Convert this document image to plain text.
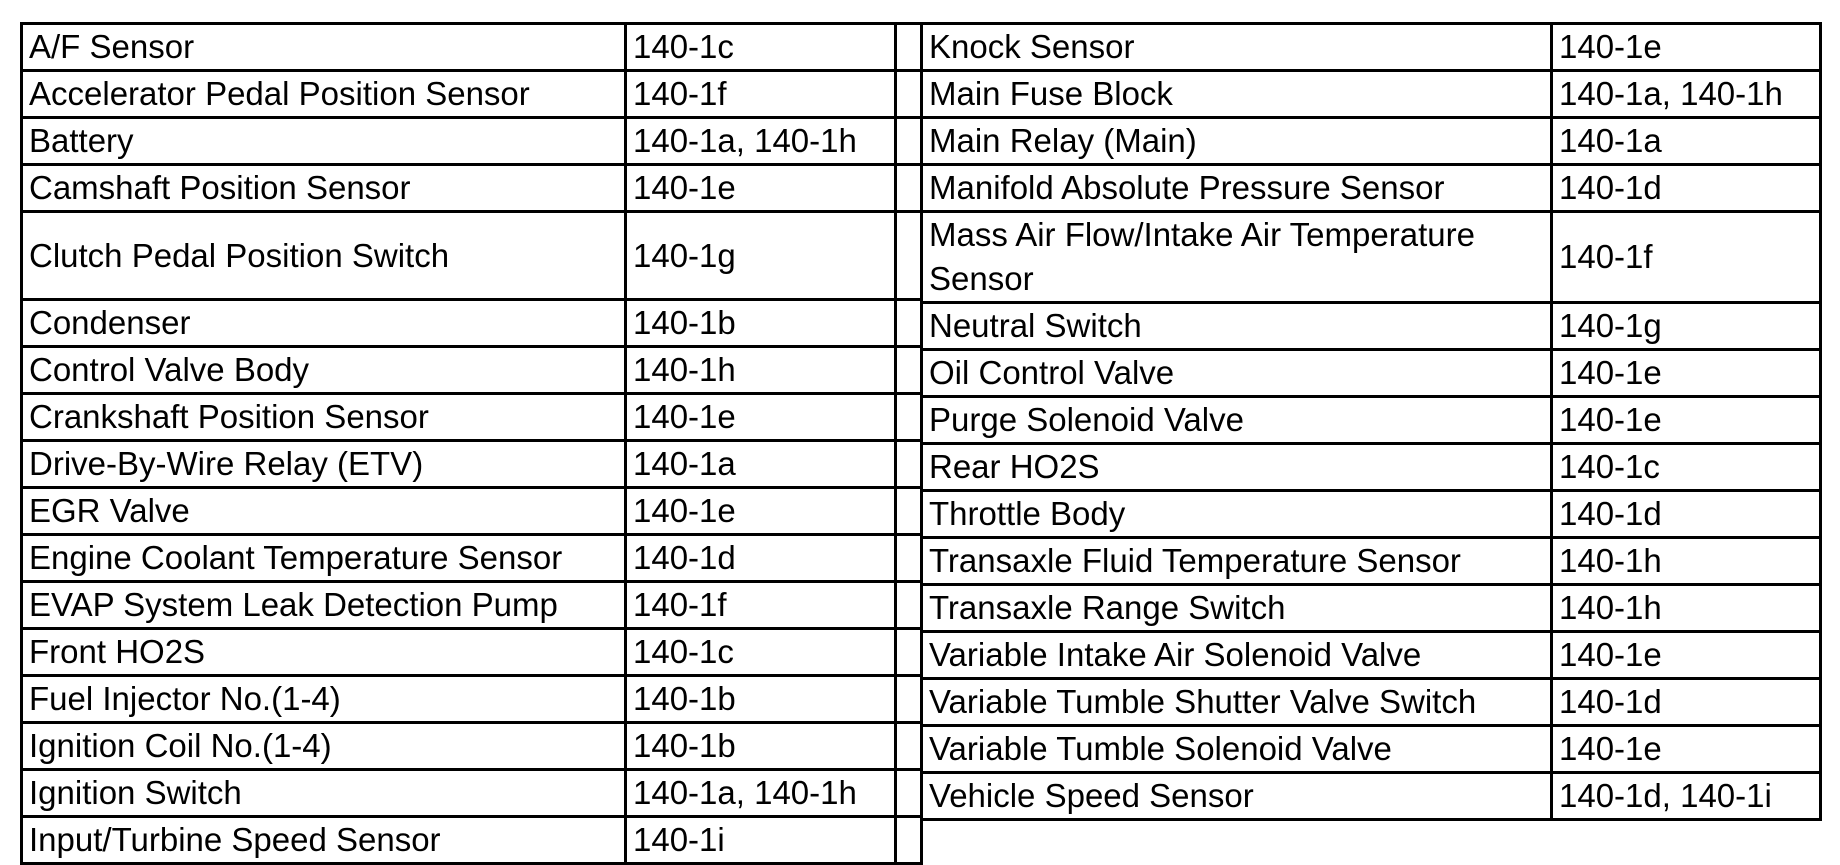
A/F Sensor	140-1c	
Accelerator Pedal Position Sensor	140-1f	
Battery	140-1a, 140-1h	
Camshaft Position Sensor	140-1e	
Clutch Pedal Position Switch	140-1g	
Condenser	140-1b	
Control Valve Body	140-1h	
Crankshaft Position Sensor	140-1e	
Drive-By-Wire Relay (ETV)	140-1a	
EGR Valve	140-1e	
Engine Coolant Temperature Sensor	140-1d	
EVAP System Leak Detection Pump	140-1f	
Front HO2S	140-1c	
Fuel Injector No.(1-4)	140-1b	
Ignition Coil No.(1-4)	140-1b	
Ignition Switch	140-1a, 140-1h	
Input/Turbine Speed Sensor	140-1i	
Knock Sensor	140-1e
Main Fuse Block	140-1a, 140-1h
Main Relay (Main)	140-1a
Manifold Absolute Pressure Sensor	140-1d
Mass Air Flow/Intake Air Temperature Sensor	140-1f
Neutral Switch	140-1g
Oil Control Valve	140-1e
Purge Solenoid Valve	140-1e
Rear HO2S	140-1c
Throttle Body	140-1d
Transaxle Fluid Temperature Sensor	140-1h
Transaxle Range Switch	140-1h
Variable Intake Air Solenoid Valve	140-1e
Variable Tumble Shutter Valve Switch	140-1d
Variable Tumble Solenoid Valve	140-1e
Vehicle Speed Sensor	140-1d, 140-1i
